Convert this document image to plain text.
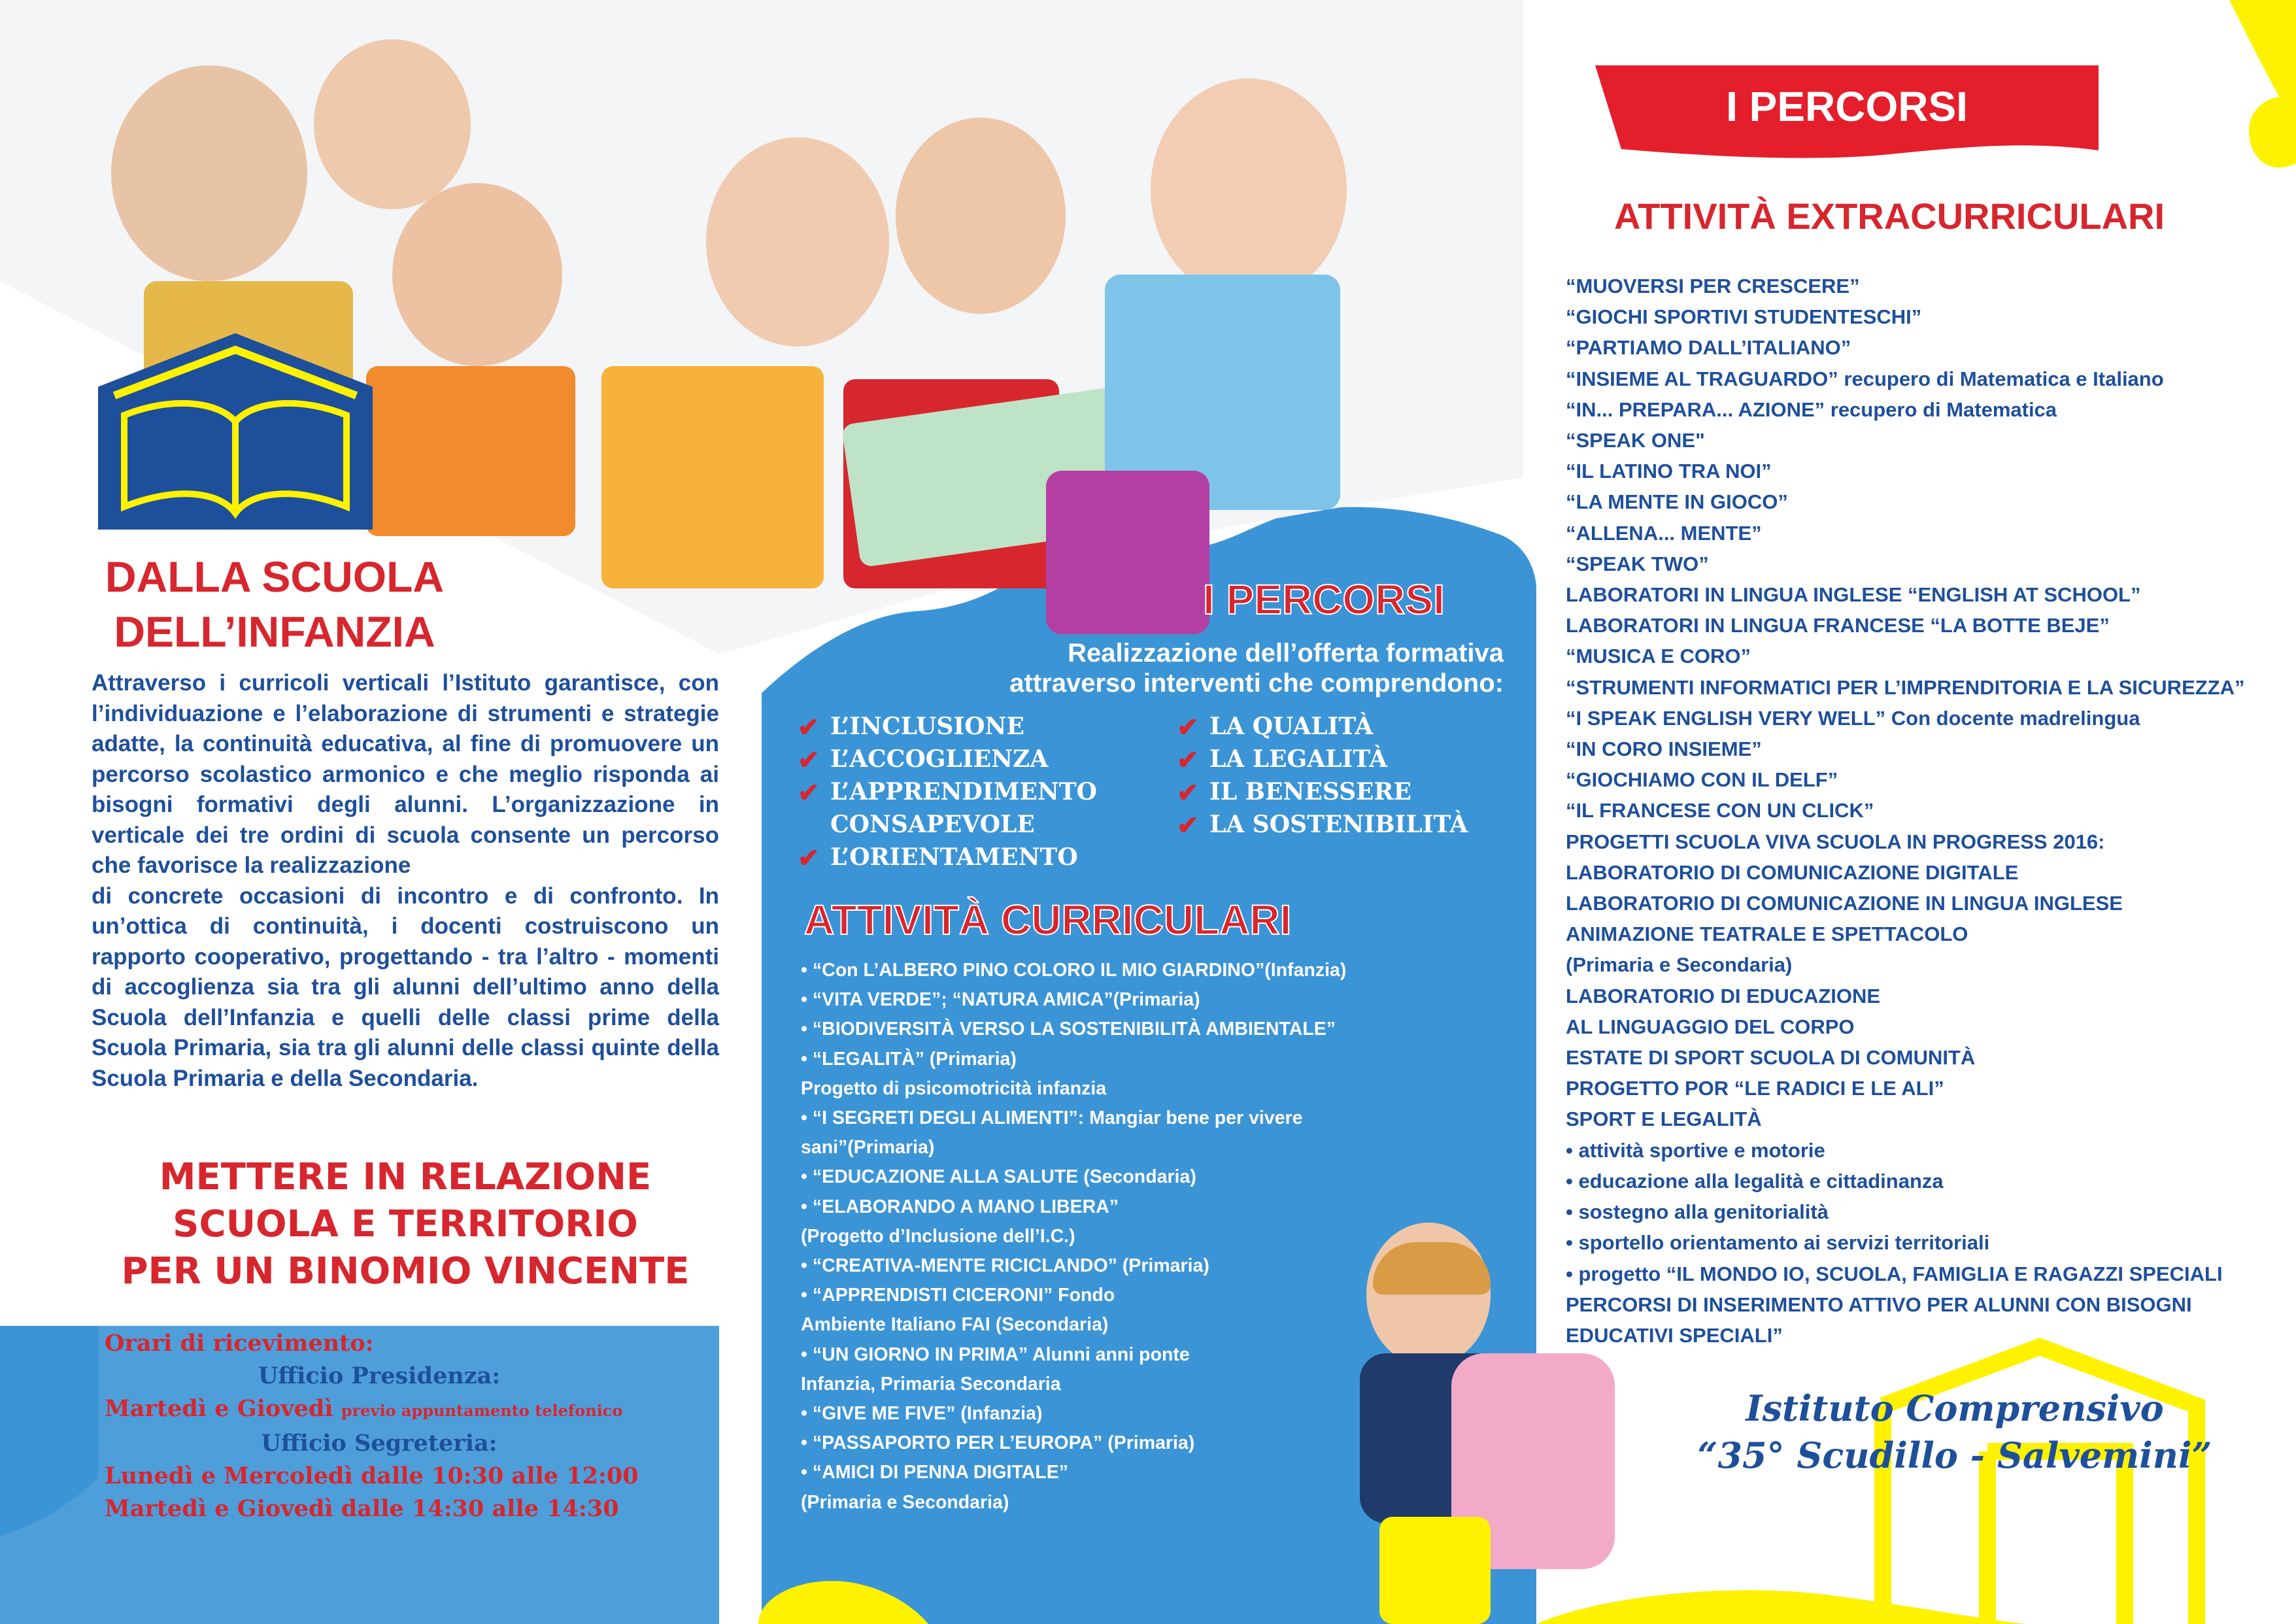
DALLA SCUOLA
DELL’INFANZIA

Attraverso i curricoli verticali l’Istituto garantisce, con l’individuazione e l’elaborazione di strumenti e strategie adatte, la continuità educativa, al fine di promuovere un percorso scolastico armonico e che meglio risponda ai bisogni formativi degli alunni. L’organizzazione in verticale dei tre ordini di scuola consente un percorso che favorisce la realizzazione

di concrete occasioni di incontro e di confronto. In un’ottica di continuità, i docenti costruiscono un rapporto cooperativo, progettando - tra l’altro - momenti di accoglienza sia tra gli alunni dell’ultimo anno della Scuola dell’Infanzia e quelli delle classi prime della Scuola Primaria, sia tra gli alunni delle classi quinte della Scuola Primaria e della Secondaria.

METTERE IN RELAZIONE
SCUOLA E TERRITORIO
PER UN BINOMIO VINCENTE
Orari di ricevimento:
Ufficio Presidenza:
Martedì e Giovedì previo appuntamento telefonico
Ufficio Segreteria:
Lunedì e Mercoledì dalle 10:30 alle 12:00
Martedì e Giovedì dalle 14:30 alle 14:30
I PERCORSI
Realizzazione dell’offerta formativa
attraverso interventi che comprendono:
✔ L’INCLUSIONE
✔ L’ACCOGLIENZA
✔ L’APPRENDIMENTO
CONSAPEVOLE
✔ L’ORIENTAMENTO
✔ LA QUALITÀ
✔ LA LEGALITÀ
✔ IL BENESSERE
✔ LA SOSTENIBILITÀ
ATTIVITÀ CURRICULARI
• “Con L’ALBERO PINO COLORO IL MIO GIARDINO”(Infanzia)
• “VITA VERDE”; “NATURA AMICA”(Primaria)
• “BIODIVERSITÀ VERSO LA SOSTENIBILITÀ AMBIENTALE”
• “LEGALITÀ” (Primaria)
Progetto di psicomotricità infanzia
• “I SEGRETI DEGLI ALIMENTI”: Mangiar bene per vivere
sani”(Primaria)
• “EDUCAZIONE ALLA SALUTE (Secondaria)
• “ELABORANDO A MANO LIBERA”
(Progetto d’Inclusione dell’I.C.)
• “CREATIVA-MENTE RICICLANDO” (Primaria)
• “APPRENDISTI CICERONI” Fondo
Ambiente Italiano FAI (Secondaria)
• “UN GIORNO IN PRIMA” Alunni anni ponte
Infanzia, Primaria Secondaria
• “GIVE ME FIVE” (Infanzia)
• “PASSAPORTO PER L’EUROPA” (Primaria)
• “AMICI DI PENNA DIGITALE”
(Primaria e Secondaria)
I PERCORSI
ATTIVITÀ EXTRACURRICULARI
“MUOVERSI PER CRESCERE”
“GIOCHI SPORTIVI STUDENTESCHI”
“PARTIAMO DALL’ITALIANO”
“INSIEME AL TRAGUARDO” recupero di Matematica e Italiano
“IN... PREPARA... AZIONE” recupero di Matematica
“SPEAK ONE"
“IL LATINO TRA NOI”
“LA MENTE IN GIOCO”
“ALLENA... MENTE”
“SPEAK TWO”
LABORATORI IN LINGUA INGLESE “ENGLISH AT SCHOOL”
LABORATORI IN LINGUA FRANCESE “LA BOTTE BEJE”
“MUSICA E CORO”
“STRUMENTI INFORMATICI PER L’IMPRENDITORIA E LA SICUREZZA”
“I SPEAK ENGLISH VERY WELL” Con docente madrelingua
“IN CORO INSIEME”
“GIOCHIAMO CON IL DELF”
“IL FRANCESE CON UN CLICK”
PROGETTI SCUOLA VIVA SCUOLA IN PROGRESS 2016:
LABORATORIO DI COMUNICAZIONE DIGITALE
LABORATORIO DI COMUNICAZIONE IN LINGUA INGLESE
ANIMAZIONE TEATRALE E SPETTACOLO
(Primaria e Secondaria)
LABORATORIO DI EDUCAZIONE
AL LINGUAGGIO DEL CORPO
ESTATE DI SPORT SCUOLA DI COMUNITÀ
PROGETTO POR “LE RADICI E LE ALI”
SPORT E LEGALITÀ
• attività sportive e motorie
• educazione alla legalità e cittadinanza
• sostegno alla genitorialità
• sportello orientamento ai servizi territoriali
• progetto “IL MONDO IO, SCUOLA, FAMIGLIA E RAGAZZI SPECIALI
PERCORSI DI INSERIMENTO ATTIVO PER ALUNNI CON BISOGNI
EDUCATIVI SPECIALI”
Istituto Comprensivo
“35° Scudillo - Salvemini”
